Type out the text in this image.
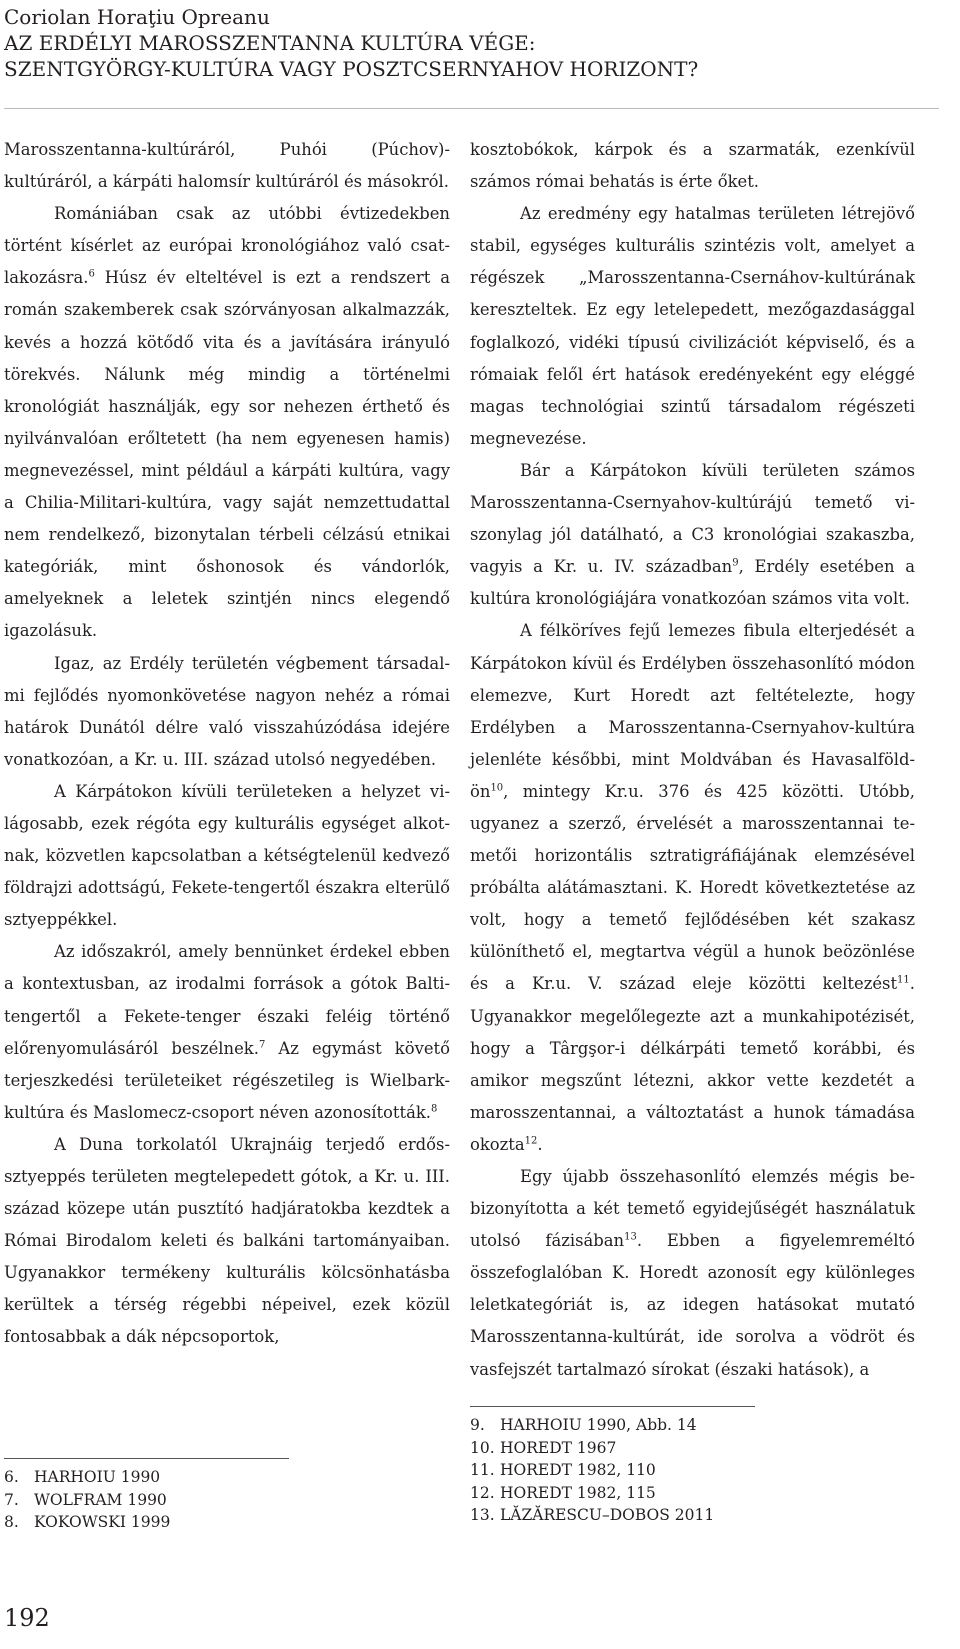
Coriolan Horaţiu Opreanu
AZ ERDÉLYI MAROSSZENTANNA KULTÚRA VÉGE:
SZENTGYÖRGY-KULTÚRA VAGY POSZTCSERNYAHOV HORIZONT?

Marosszentanna-kultúráról, Puhói (Púchov)-kultúráról, a kárpáti halomsír kultúráról és másokról.

Romániában csak az utóbbi évtizedekben történt kísérlet az európai kronológiához való csatlakozásra.$^6$ Húsz év elteltével is ezt a rendszert a román szakemberek csak szórványosan alkalmazzák, kevés a hozzá kötődő vita és a javítására irányuló törekvés. Nálunk még mindig a történelmi kronológiát használják, egy sor nehezen érthető és nyilvánvalóan erőltetett (ha nem egyenesen hamis) megnevezéssel, mint például a kárpáti kultúra, vagy a Chilia-Militari-kultúra, vagy saját nemzettudattal nem rendelkező, bizonytalan térbeli célzású etnikai kategóriák, mint őshonosok és vándorlók, amelyeknek a leletek szintjén nincs elegendő igazolásuk.

Igaz, az Erdély területén végbement társadalmi fejlődés nyomonkövetése nagyon nehéz a római határok Dunától délre való visszahúzódása idejére vonatkozóan, a Kr. u. III. század utolsó negyedében.

A Kárpátokon kívüli területeken a helyzet világosabb, ezek régóta egy kulturális egységet alkotnak, közvetlen kapcsolatban a kétségtelenül kedvező földrajzi adottságú, Fekete-tengertől északra elterülő sztyeppékkel.

Az időszakról, amely bennünket érdekel ebben a kontextusban, az irodalmi források a gótok Balti-tengertől a Fekete-tenger északi feléig történő előrenyomulásáról beszélnek.$^7$ Az egymást követő terjeszkedési területeiket régészetileg is Wielbark-kultúra és Maslomecz-csoport néven azonosították.$^8$

A Duna torkolatól Ukrajnáig terjedő erdőssztyeppés területen megtelepedett gótok, a Kr. u. III. század közepe után pusztító hadjáratokba kezdtek a Római Birodalom keleti és balkáni tartományaiban. Ugyanakkor termékeny kulturális kölcsönhatásba kerültek a térség régebbi népeivel, ezek közül fontosabbak a dák népcsoportok,

kosztobókok, kárpok és a szarmaták, ezenkívül számos római behatás is érte őket.

Az eredmény egy hatalmas területen létrejövő stabil, egységes kulturális szintézis volt, amelyet a régészek „Marosszentanna-Csernáhov-kultúrának kereszteltek. Ez egy letelepedett, mezőgazdasággal foglalkozó, vidéki típusú civilizációt képviselő, és a rómaiak felől ért hatások eredényeként egy eléggé magas technológiai szintű társadalom régészeti megnevezése.

Bár a Kárpátokon kívüli területen számos Marosszentanna-Csernyahov-kultúrájú temető viszonylag jól datálható, a C3 kronológiai szakaszba, vagyis a Kr. u. IV. században$^9$, Erdély esetében a kultúra kronológiájára vonatkozóan számos vita volt.

A félköríves fejű lemezes fibula elterjedését a Kárpátokon kívül és Erdélyben összehasonlító módon elemezve, Kurt Horedt azt feltételezte, hogy Erdélyben a Marosszentanna-Csernyahov-kultúra jelenléte későbbi, mint Moldvában és Havasalföldön$^{10}$, mintegy Kr.u. 376 és 425 közötti. Utóbb, ugyanez a szerző, érvelését a marosszentannai temetői horizontális sztratigráfiájának elemzésével próbálta alátámasztani. K. Horedt következtetése az volt, hogy a temető fejlődésében két szakasz különíthető el, megtartva végül a hunok beözönlése és a Kr.u. V. század eleje közötti keltezést$^{11}$. Ugyanakkor megelőlegezte azt a munkahipotézisét, hogy a Târgşor-i délkárpáti temető korábbi, és amikor megszűnt létezni, akkor vette kezdetét a marosszentannai, a változtatást a hunok támadása okozta$^{12}$.

Egy újabb összehasonlító elemzés mégis bebizonyította a két temető egyidejűségét használatuk utolsó fázisában$^{13}$. Ebben a figyelemreméltó összefoglalóban K. Horedt azonosít egy különleges leletkategóriát is, az idegen hatásokat mutató Marosszentanna-kultúrát, ide sorolva a vödröt és vasfejszét tartalmazó sírokat (északi hatások), a

6. HARHOIU 1990
7. WOLFRAM 1990
8. KOKOWSKI 1999
9. HARHOIU 1990, Abb. 14
10. HOREDT 1967
11. HOREDT 1982, 110
12. HOREDT 1982, 115
13. LĂZĂRESCU–DOBOS 2011
192
